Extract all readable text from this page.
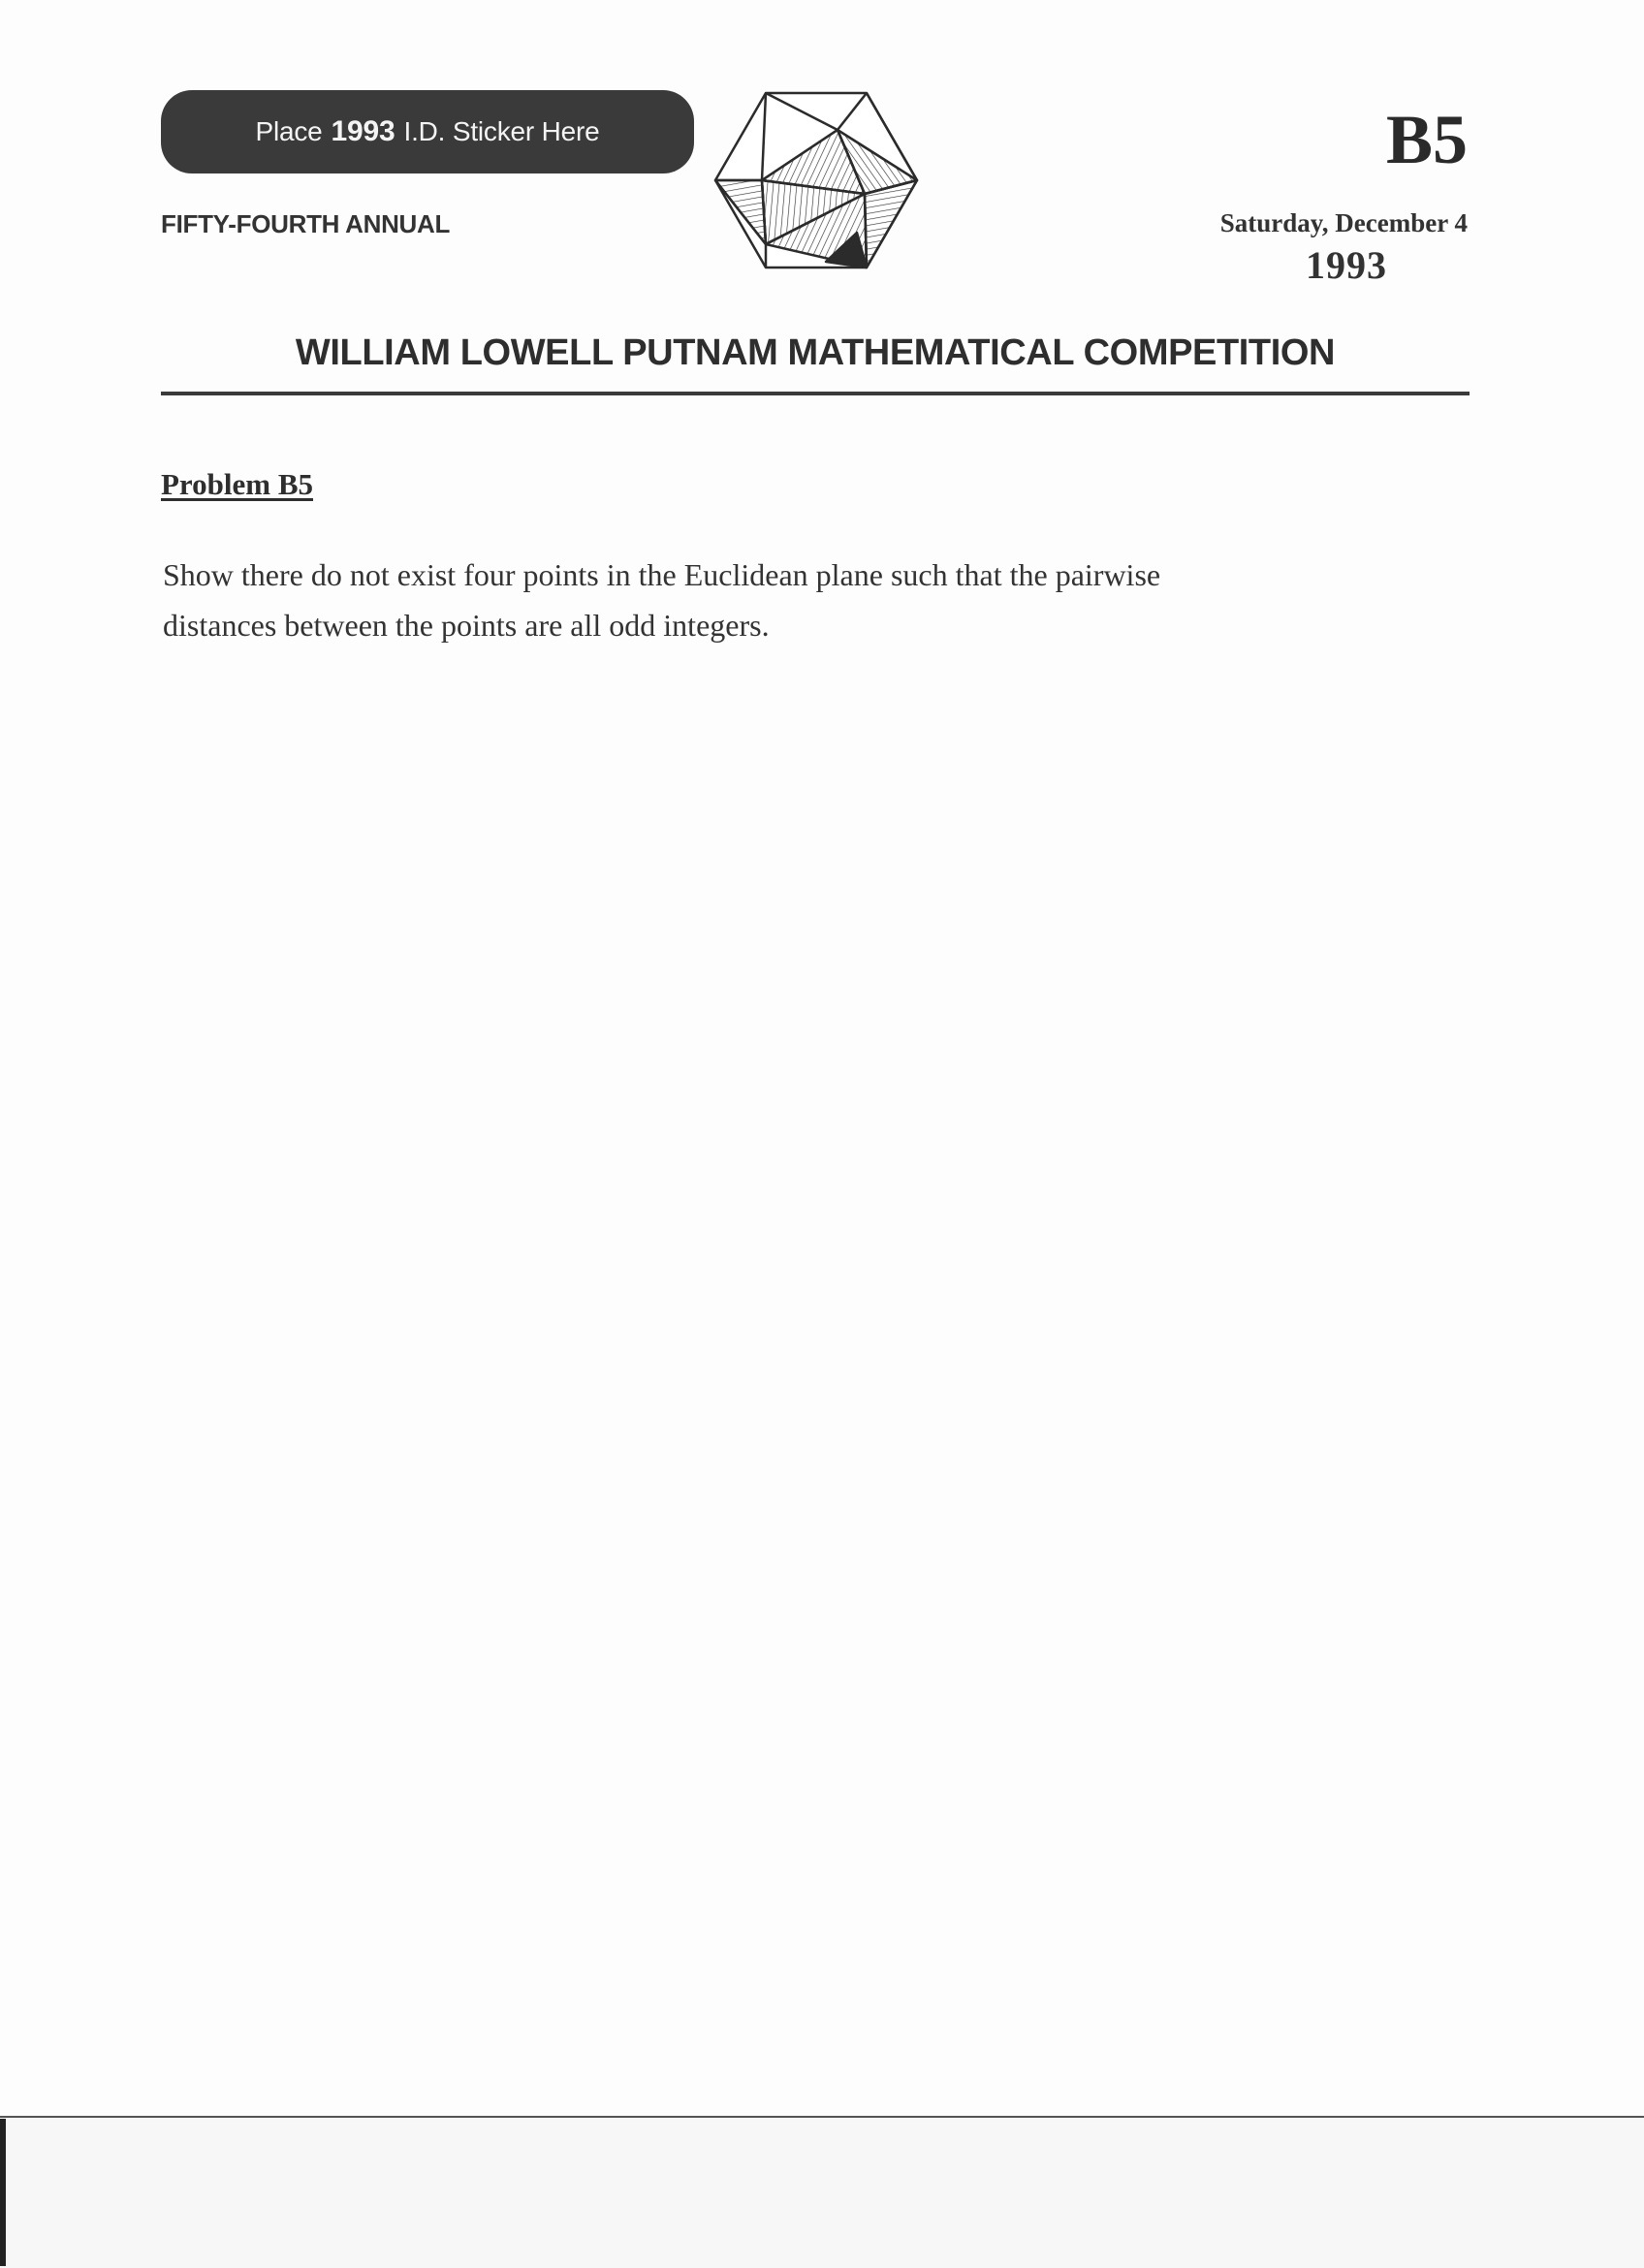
Place 1993 I.D. Sticker Here
FIFTY-FOURTH ANNUAL
B5
Saturday, December 4
1993
WILLIAM LOWELL PUTNAM MATHEMATICAL COMPETITION
Problem B5

Show there do not exist four points in the Euclidean plane such that the pairwise
distances between the points are all odd integers.
